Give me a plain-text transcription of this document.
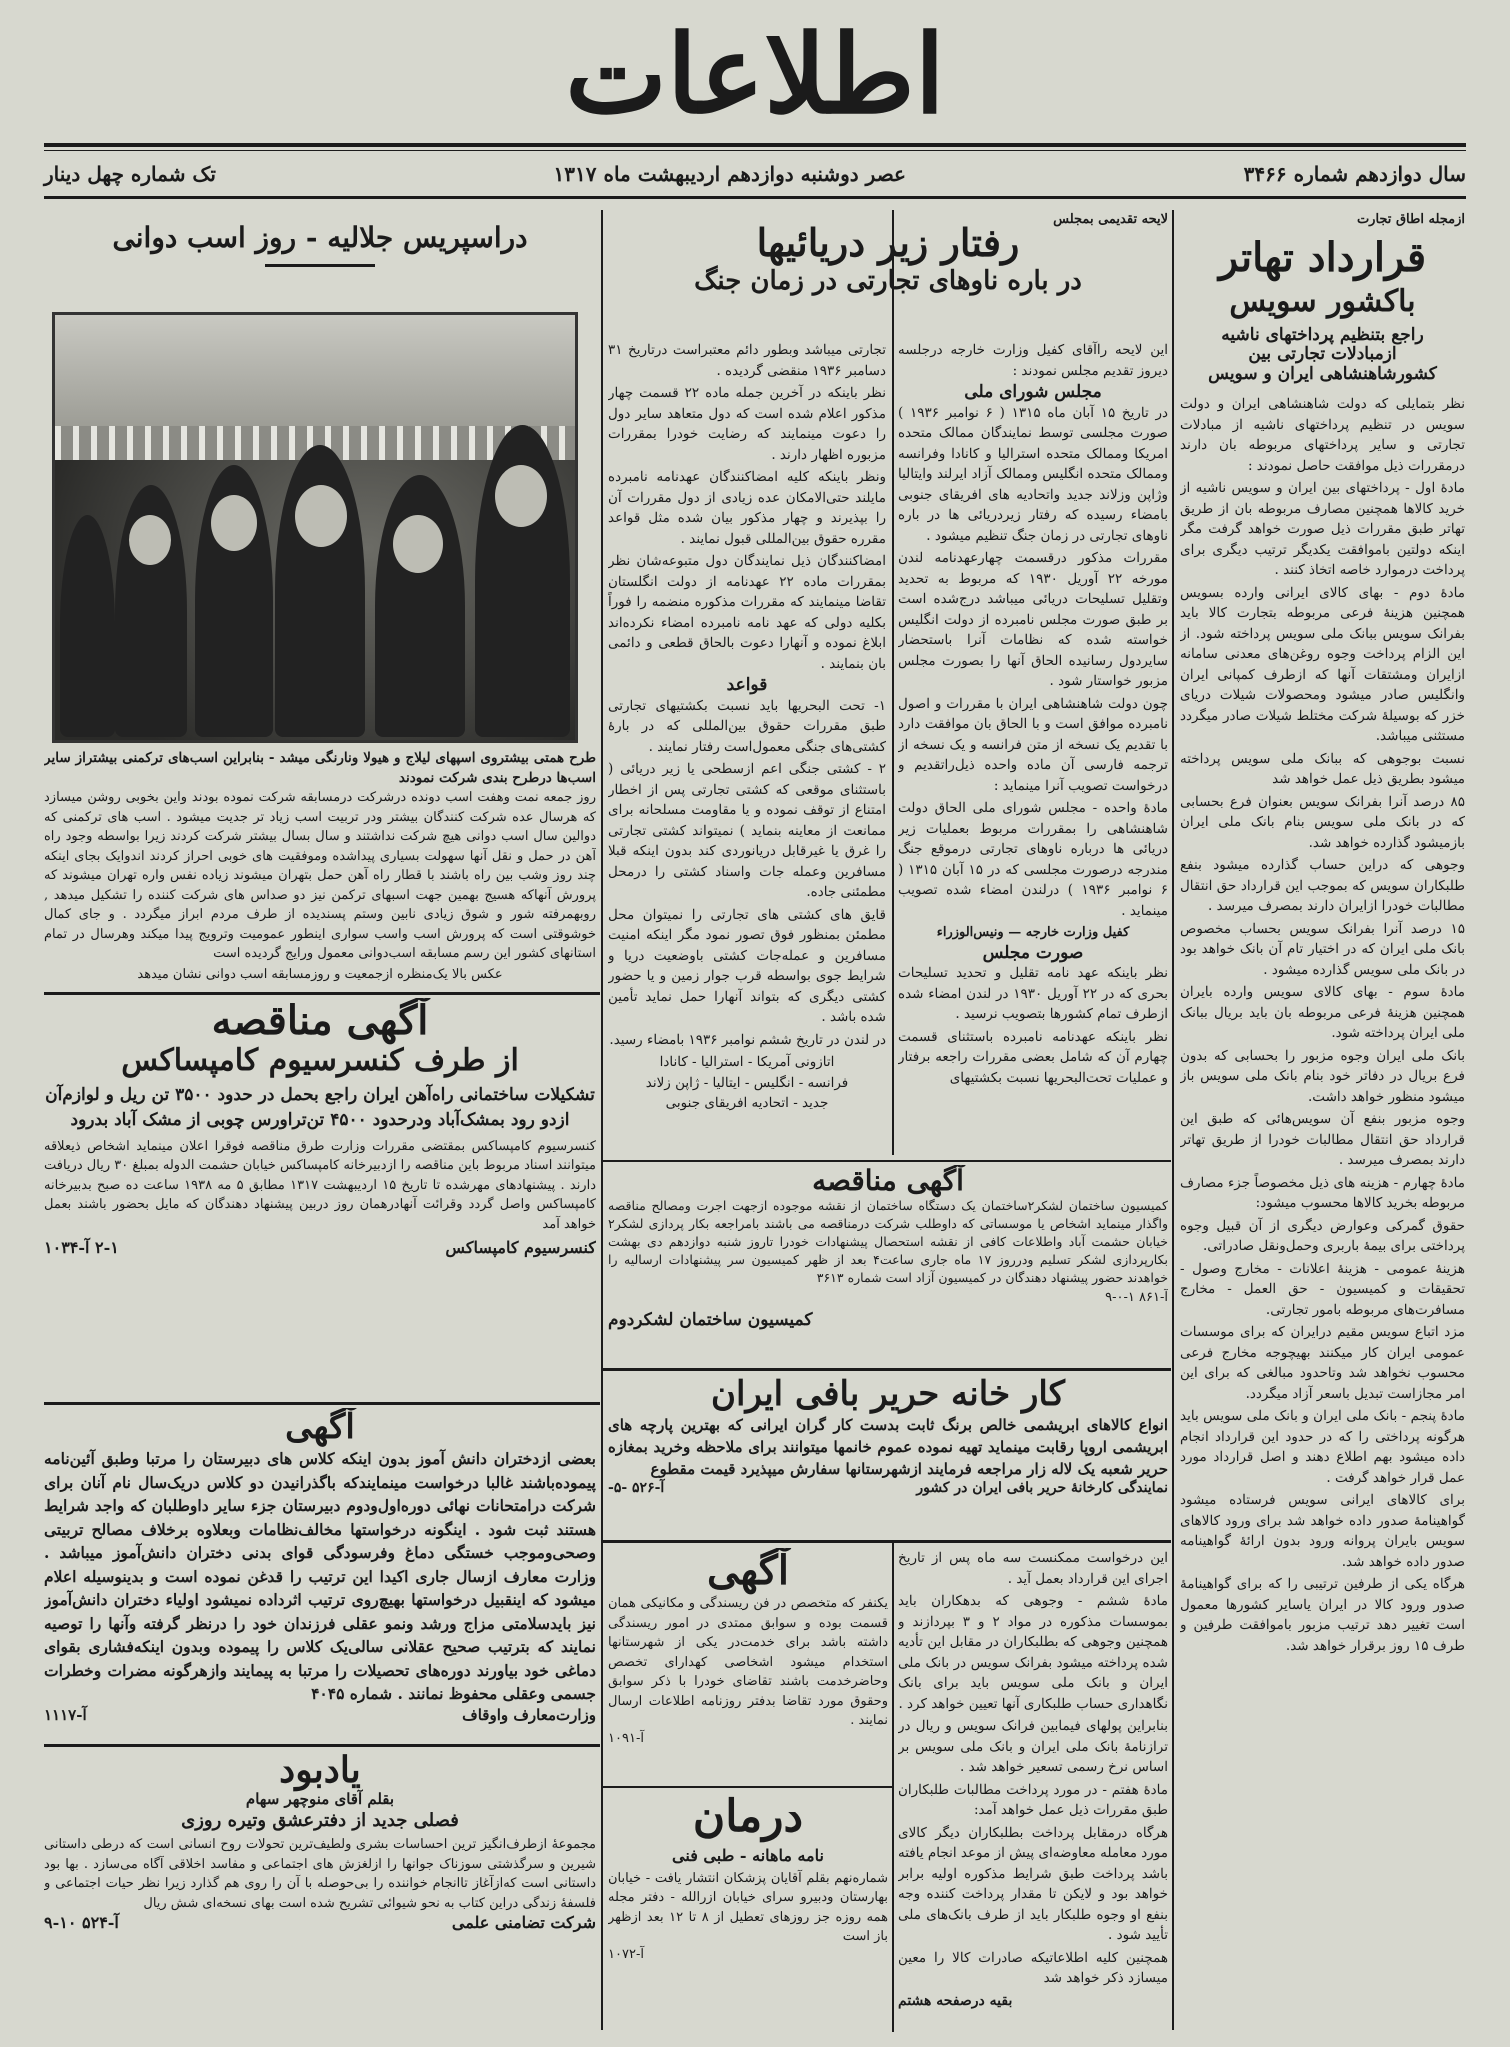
اطلاعات
سال دوازدهم شماره ۳۴۶۶
عصر دوشنبه دوازدهم اردیبهشت ماه ۱۳۱۷
تک شماره چهل دینار
ازمجله اطاق تجارت
قرارداد تهاتر
باکشور سویس
راجع بتنظیم پرداختهای ناشیه ازمبادلات تجارتی بین کشورشاهنشاهی ایران و سویس

نظر بتمایلی که دولت شاهنشاهی ایران و دولت سویس در تنظیم پرداختهای ناشیه از مبادلات تجارتی و سایر پرداختهای مربوطه بان دارند درمقررات ذیل موافقت حاصل نمودند :

مادهٔ اول - پرداختهای بین ایران و سویس ناشیه از خرید کالاها همچنین مصارف مربوطه بان از طریق تهاتر طبق مقررات ذیل صورت خواهد گرفت مگر اینکه دولتین باموافقت یکدیگر ترتیب دیگری برای پرداخت درموارد خاصه اتخاذ کنند .

مادهٔ دوم - بهای کالای ایرانی وارده بسویس همچنین هزینهٔ فرعی مربوطه بتجارت کالا باید بفرانک سویس ببانک ملی سویس پرداخته شود. از این الزام پرداخت وجوه روغن‌های معدنی سامانه ازایران ومشتقات آنها که ازطرف کمپانی ایران وانگلیس صادر میشود ومحصولات شیلات دریای خزر که بوسیلهٔ شرکت مختلط شیلات صادر میگردد مستثنی میباشد.

نسبت بوجوهی که ببانک ملی سویس پرداخته میشود بطریق ذیل عمل خواهد شد

۸۵ درصد آنرا بفرانک سویس بعنوان فرع بحسابی که در بانک ملی سویس بنام بانک ملی ایران بازمیشود گذارده خواهد شد.

وجوهی که دراین حساب گذارده میشود بنفع طلبکاران سویس که بموجب این قرارداد حق انتقال مطالبات خودرا ازایران دارند بمصرف میرسد .

۱۵ درصد آنرا بفرانک سویس بحساب مخصوص بانک ملی ایران که در اختیار تام آن بانک خواهد بود در بانک ملی سویس گذارده میشود .

مادهٔ سوم - بهای کالای سویس وارده بایران همچنین هزینهٔ فرعی مربوطه بان باید بریال ببانک ملی ایران پرداخته شود.

بانک ملی ایران وجوه مزبور را بحسابی که بدون فرع بریال در دفاتر خود بنام بانک ملی سویس باز میشود منظور خواهد داشت.

وجوه مزبور بنفع آن سویس‌هائی که طبق این قرارداد حق انتقال مطالبات خودرا از طریق تهاتر دارند بمصرف میرسد .

مادهٔ چهارم - هزینه های ذیل مخصوصاً جزء مصارف مربوطه بخرید کالاها محسوب میشود:

حقوق گمرکی وعوارض دیگری از آن قبیل وجوه پرداختی برای بیمهٔ باربری وحمل‌ونقل صادراتی.

هزینهٔ عمومی - هزینهٔ اعلانات - مخارج وصول - تحقیقات و کمیسیون - حق العمل - مخارج مسافرت‌های مربوطه بامور تجارتی.

مزد اتباع سویس مقیم درایران که برای موسسات عمومی ایران کار میکنند بهیچوجه مخارج فرعی محسوب نخواهد شد وتاحدود مبالغی که برای این امر مجازاست تبدیل باسعر آزاد میگردد.

مادهٔ پنجم - بانک ملی ایران و بانک ملی سویس باید هرگونه پرداختی را که در حدود این قرارداد انجام داده میشود بهم اطلاع دهند و اصل قرارداد مورد عمل قرار خواهد گرفت .

برای کالاهای ایرانی سویس فرستاده میشود گواهینامهٔ صدور داده خواهد شد برای ورود کالاهای سویس بایران پروانه ورود بدون ارائهٔ گواهینامه صدور داده خواهد شد.

هرگاه یکی از طرفین ترتیبی را که برای گواهینامهٔ صدور ورود کالا در ایران یاسایر کشورها معمول است تغییر دهد ترتیب مزبور باموافقت طرفین و طرف ۱۵ روز برقرار خواهد شد.

لایحه تقدیمی بمجلس
رفتار زیر دریائیها
در باره ناوهای تجارتی در زمان جنگ

این لایحه راآقای کفیل وزارت خارجه درجلسه دیروز تقدیم مجلس نمودند :

مجلس شورای ملی

در تاریخ ۱۵ آبان ماه ۱۳۱۵ ( ۶ نوامبر ۱۹۳۶ ) صورت مجلسی توسط نمایندگان ممالک متحده امریکا وممالک متحده استرالیا و کانادا وفرانسه وممالک متحده انگلیس وممالک آزاد ایرلند وایتالیا وژاپن وزلاند جدید واتحادیه های افریقای جنوبی بامضاء رسیده که رفتار زیردریائی ها در باره ناوهای تجارتی در زمان جنگ تنظیم میشود .

مقررات مذکور درقسمت چهارعهدنامه لندن مورخه ۲۲ آوریل ۱۹۳۰ که مربوط به تحدید وتقلیل تسلیحات دریائی میباشد درج‌شده است بر طبق صورت مجلس نامبرده از دولت انگلیس خواسته شده که نظامات آنرا باستحضار سایردول رسانیده الحاق آنها را بصورت مجلس مزبور خواستار شود .

چون دولت شاهنشاهی ایران با مقررات و اصول نامبرده موافق است و با الحاق بان موافقت دارد با تقدیم یک نسخه از متن فرانسه و یک نسخه از ترجمه فارسی آن ماده واحده ذیل‌راتقدیم و درخواست تصویب آنرا مینماید :

مادهٔ واحده - مجلس شورای ملی الحاق دولت شاهنشاهی را بمقررات مربوط بعملیات زیر دریائی ها درباره ناوهای تجارتی درموقع جنگ مندرجه درصورت مجلسی که در ۱۵ آبان ۱۳۱۵ ( ۶ نوامبر ۱۹۳۶ ) درلندن امضاء شده تصویب مینماید .

کفیل وزارت خارجه — ونیس‌الوزراء
صورت مجلس

نظر باینکه عهد نامه تقلیل و تحدید تسلیحات بحری که در ۲۲ آوریل ۱۹۳۰ در لندن امضاء شده ازطرف تمام کشورها بتصویب نرسید .

نظر باینکه عهدنامه نامبرده باستثنای قسمت چهارم آن که شامل بعضی مقررات راجعه برفتار و عملیات تحت‌البحریها نسبت بکشتیهای

تجارتی میباشد وبطور دائم معتبراست درتاریخ ۳۱ دسامبر ۱۹۳۶ منقضی گردیده .

نظر باینکه در آخرین جمله ماده ۲۲ قسمت چهار مذکور اعلام شده است که دول متعاهد سایر دول را دعوت مینمایند که رضایت خودرا بمقررات مزبوره اظهار دارند .

ونظر باینکه کلیه امضاکنندگان عهدنامه نامبرده مایلند حتی‌الامکان عده زیادی از دول مقررات آن را بپذیرند و چهار مذکور بیان شده مثل قواعد مقرره حقوق بین‌المللی قبول نمایند .

امضاکنندگان ذیل نمایندگان دول متبوعه‌شان نظر بمقررات ماده ۲۲ عهدنامه از دولت انگلستان تقاضا مینمایند که مقررات مذکوره منضمه را فوراً بکلیه دولی که عهد نامه نامبرده امضاء نکرده‌اند ابلاغ نموده و آنهارا دعوت بالحاق قطعی و دائمی بان بنمایند .

قواعد

۱- تحت البحریها باید نسبت بکشتیهای تجارتی طبق مقررات حقوق بین‌المللی که در بارهٔ کشتی‌های جنگی معمول‌است رفتار نمایند .

۲ - کشتی جنگی اعم ازسطحی یا زیر دریائی ( باستثنای موقعی که کشتی تجارتی پس از اخطار امتناع از توقف نموده و یا مقاومت مسلحانه برای ممانعت از معاینه بنماید ) نمیتواند کشتی تجارتی را غرق یا غیرقابل دریانوردی کند بدون اینکه قبلا مسافرین وعمله جات واسناد کشتی را درمحل مطمئنی جاده.

قایق های کشتی های تجارتی را نمیتوان محل مطمئن بمنظور فوق تصور نمود مگر اینکه امنیت مسافرین و عمله‌جات کشتی باوضعیت دریا و شرایط جوی بواسطه قرب جوار زمین و یا حضور کشتی دیگری که بتواند آنهارا حمل نماید تأمین شده باشد .

در لندن در تاریخ ششم نوامبر ۱۹۳۶ بامضاء رسید.

اتازونی آمریکا - استرالیا - کانادا
فرانسه - انگلیس - ایتالیا - ژاپن زلاند
جدید - اتحادیه افریقای جنوبی
آگهی مناقصه
کمیسیون ساختمان لشکر۲ساختمان یک دستگاه ساختمان از نقشه موجوده ازجهت اجرت ومصالح مناقصه واگذار مینماید اشخاص یا موسساتی که داوطلب شرکت درمناقصه می باشند بامراجعه بکار پردازی لشکر۲ خیابان حشمت آباد واطلاعات کافی از نقشه استحصال پیشنهادات خودرا تاروز شنبه دوازدهم دی بهشت بکارپردازی لشکر تسلیم ودرروز ۱۷ ماه جاری ساعت۴ بعد از ظهر کمیسیون سر پیشنهادات ارسالیه را خواهدند حضور پیشنهاد دهندگان در کمیسیون آزاد است شماره ۳۶۱۳
آ-۸۶۱ ۱-۰-۹
کمیسیون ساختمان لشکردوم
کار خانه حریر بافی ایران
انواع کالاهای ابریشمی خالص برنگ ثابت بدست کار گران ایرانی که بهترین پارچه های ابریشمی اروپا رقابت مینماید تهیه نموده عموم خانمها میتوانند برای ملاحظه وخرید بمغازه حریر شعبه یک لاله زار مراجعه فرمایند ازشهرستانها سفارش میپذیرد قیمت مقطوع
نمایندگی کارخانهٔ حریر بافی ایران در کشور
آ-۵۲۶ -۵-

این درخواست ممکنست سه ماه پس از تاریخ اجرای این قرارداد بعمل آید .

مادهٔ ششم - وجوهی که بدهکاران باید بموسسات مذکوره در مواد ۲ و ۳ بپردازند و همچنین وجوهی که بطلبکاران در مقابل این تأدیه شده پرداخته میشود بفرانک سویس در بانک ملی ایران و بانک ملی سویس باید برای بانک نگاهداری حساب طلبکاری آنها تعیین خواهد کرد .

بنابراین پولهای فیمابین فرانک سویس و ریال در ترازنامهٔ بانک ملی ایران و بانک ملی سویس بر اساس نرخ رسمی تسعیر خواهد شد .

مادهٔ هفتم - در مورد پرداخت مطالبات طلبکاران طبق مقررات ذیل عمل خواهد آمد:

هرگاه درمقابل پرداخت بطلبکاران دیگر کالای مورد معامله معاوضه‌ای پیش از موعد انجام یافته باشد پرداخت طبق شرایط مذکوره اولیه برابر خواهد بود و لایکن تا مقدار پرداخت کننده وجه بنفع او وجوه طلبکار باید از طرف بانک‌های ملی تأیید شود .

همچنین کلیه اطلاعاتیکه صادرات کالا را معین میسازد ذکر خواهد شد

بقیه درصفحه هشتم
آگهی
یکنفر که متخصص در فن ریسندگی و مکانیکی همان قسمت بوده و سوابق ممتدی در امور ریسندگی داشته باشد برای خدمت‌در یکی از شهرستانها استخدام میشود اشخاصی کهدارای تخصص وحاضرخدمت باشند تقاضای خودرا با ذکر سوابق وحقوق مورد تقاضا بدفتر روزنامه اطلاعات ارسال نمایند .
آ-۱۰۹۱
درمان
نامه ماهانه - طبی فنی
شماره‌نهم بقلم آقایان پزشکان انتشار یافت - خیابان بهارستان ودبیرو سرای خیابان ازرالله - دفتر مجله همه روزه جز روزهای تعطیل از ۸ تا ۱۲ بعد ازظهر باز است
آ-۱۰۷۲
دراسپریس جلالیه - روز اسب دوانی
طرح همتی بیشتروی اسپهای ليلاج و هيولا ونارنگی میشد - بنابراین اسب‌های ترکمنی بیشتراز سایر اسب‌ها درطرح بندی شرکت نمودند
روز جمعه نمت وهفت اسب دونده درشرکت درمسابقه شرکت نموده بودند واین بخوبی روشن میسازد که هرسال عده شرکت کنندگان بیشتر ودر تربیت اسب زیاد تر جدیت میشود . اسب های ترکمنی که دوالین سال اسب دوانی هیچ شرکت نداشتند و سال بسال بیشتر شرکت کردند زیرا بواسطه وجود راه آهن در حمل و نقل آنها سهولت بسیاری پیداشده وموفقیت های خوبی احراز کردند اندوایک بجای اینکه چند روز وشب بین راه باشند با قطار راه آهن حمل بتهران میشوند زیاده نفس واره تهران میشوند که پرورش آنهاکه هسیج بهمین جهت اسبهای ترکمن نیز دو صداس های شرکت کننده را تشکیل میدهد , روبهمرفته شور و شوق زیادی نابین وستم پسندیده از طرف مردم ابراز میگردد . و جای کمال خوشوقتی است که پرورش اسب واسب سواری اینطور عمومیت وترویج پیدا میکند وهرسال در تمام استانهای کشور این رسم مسابقه اسب‌دوانی معمول ورایج گردیده است
عکس بالا یک‌منظره ازجمعیت و روزمسابقه اسب دوانی نشان میدهد
آگهی مناقصه
از طرف کنسرسیوم کامپساکس
تشکیلات ساختمانی راه‌آهن ایران راجع بحمل در حدود ۳۵۰۰ تن ریل و لوازم‌آن ازدو رود بمشک‌آباد ودرحدود ۴۵۰۰ تن‌تراورس چوبی از مشک آباد بدرود
کنسرسیوم کامپساکس بمقتضی مقررات وزارت طرق مناقصه فوقرا اعلان مینماید اشخاص ذیعلاقه میتوانند اسناد مربوط باین مناقصه را ازدبیرخانه کامپساکس خیابان حشمت الدوله بمبلغ ۳۰ ریال دریافت دارند . پیشنهادهای مهرشده تا تاریخ ۱۵ اردیبهشت ۱۳۱۷ مطابق ۵ مه ۱۹۳۸ ساعت ده صبح بدبیرخانه کامپساکس واصل گردد وقرائت آنهادرهمان روز دربین پیشنهاد دهندگان که مایل بحضور باشند بعمل خواهد آمد
کنسرسیوم کامپساکس
۲-۱ آ-۱۰۳۴
آگهی
بعضی ازدختران دانش آموز بدون اینکه کلاس های دبیرستان را مرتبا وطبق آئین‌نامه پیموده‌باشند غالبا درخواست مینمایندکه باگذرانیدن دو کلاس دریک‌سال نام آنان برای شرکت درامتحانات نهائی دوره‌اول‌ودوم دبیرستان جزء سایر داوطلبان که واجد شرایط هستند ثبت شود . اینگونه درخواستها مخالف‌نظامات وبعلاوه برخلاف مصالح تربیتی وصحی‌وموجب خستگی دماغ وفرسودگی قوای بدنی دختران دانش‌آموز میباشد . وزارت معارف ازسال جاری اکیدا این ترتیب را قدغن نموده است و بدینوسیله اعلام میشود که اینقبیل درخواستها بهیچ‌روی ترتیب اثرداده نمیشود اولیاء دختران دانش‌آموز نیز بایدسلامتی مزاج ورشد ونمو عقلی فرزندان خود را درنظر گرفته وآنها را توصیه نمایند که بترتیب صحیح عقلانی سالی‌یک کلاس را پیموده وبدون اینکه‌فشاری بقوای دماغی خود بیاورند دوره‌های تحصیلات را مرتبا به پیمایند وازهرگونه مضرات وخطرات جسمی وعقلی محفوظ نمانند . شماره ۴۰۴۵
وزارت‌معارف واوقاف
آ-۱۱۱۷
یادبود
بقلم آقای منوچهر سهام
فصلی جدید از دفترعشق وتیره روزی
مجموعهٔ ازطرف‌انگیز ترین احساسات بشری ولطیف‌ترین تحولات روح انسانی است که درطی داستانی شیرین و سرگذشتی سوزناک جوانها را ازلغزش های اجتماعی و مفاسد اخلاقی آگاه می‌سازد . بها بود داستانی است که‌ازآغاز تاانجام خواننده را بی‌حوصله با آن را روی هم گذارد زیرا نظر حیات اجتماعی و فلسفهٔ زندگی دراین کتاب به نحو شیوائی تشریح شده است بهای نسخه‌ای شش ریال
شرکت تضامنی علمی
آ-۵۲۴ ۱۰-۹
